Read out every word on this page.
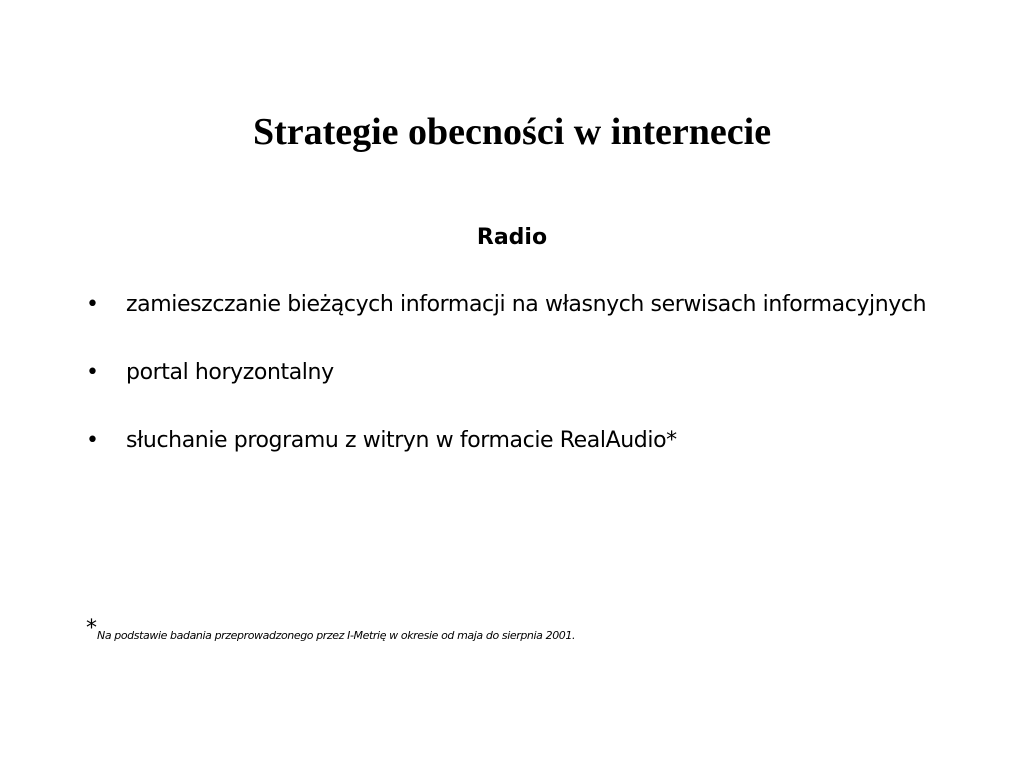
Strategie obecności w internecie
Radio
•	zamieszczanie bieżących informacji na własnych serwisach informacyjnych
•	portal horyzontalny
•	słuchanie programu z witryn w formacie RealAudio*

$*_{Na podstawie badania przeprowadzonego przez I-Metrię w okresie od maja do sierpnia 2001.}$
